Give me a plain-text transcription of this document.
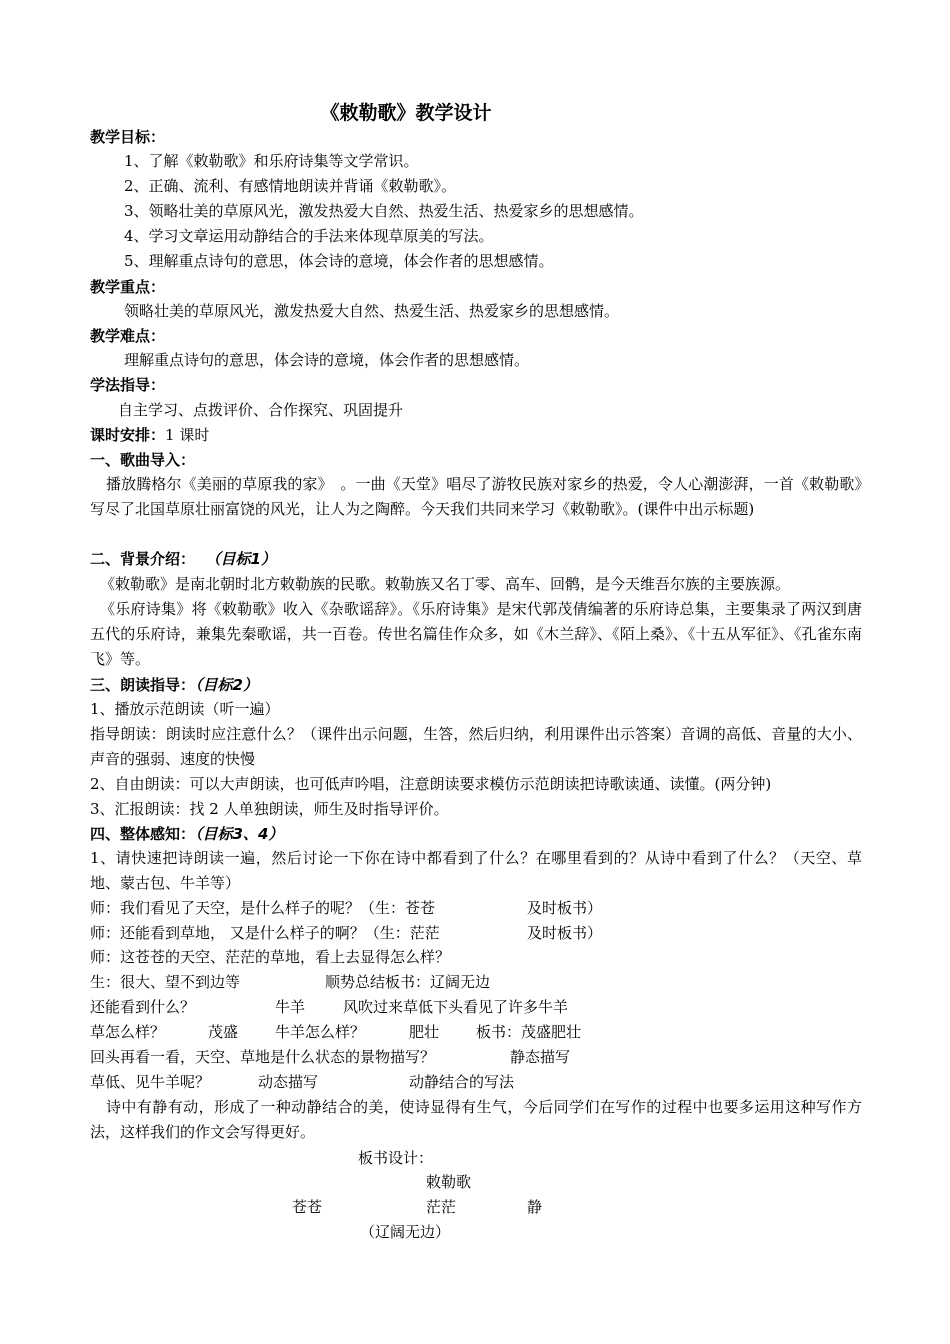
《敕勒歌》教学设计
教学目标：
1、了解《敕勒歌》和乐府诗集等文学常识。
2、正确、流利、有感情地朗读并背诵《敕勒歌》。
3、领略壮美的草原风光，激发热爱大自然、热爱生活、热爱家乡的思想感情。
4、学习文章运用动静结合的手法来体现草原美的写法。
5、理解重点诗句的意思，体会诗的意境，体会作者的思想感情。
教学重点：
领略壮美的草原风光，激发热爱大自然、热爱生活、热爱家乡的思想感情。
教学难点：
理解重点诗句的意思，体会诗的意境，体会作者的思想感情。
学法指导：
自主学习、点拨评价、合作探究、巩固提升
课时安排：1 课时
一、歌曲导入：
播放腾格尔《美丽的草原我的家》　。一曲《天堂》唱尽了游牧民族对家乡的热爱，令人心潮澎湃，一首《敕勒歌》写尽了北国草原壮丽富饶的风光，让人为之陶醉。今天我们共同来学习《敕勒歌》。(课件中出示标题)
二、背景介绍： （目标1）
《敕勒歌》是南北朝时北方敕勒族的民歌。敕勒族又名丁零、高车、回鹘，是今天维吾尔族的主要族源。
《乐府诗集》将《敕勒歌》收入《杂歌谣辞》。《乐府诗集》是宋代郭茂倩编著的乐府诗总集，主要集录了两汉到唐五代的乐府诗，兼集先秦歌谣，共一百卷。传世名篇佳作众多，如《木兰辞》、《陌上桑》、《十五从军征》、《孔雀东南飞》等。
三、朗读指导：（目标2）
1、播放示范朗读（听一遍）
指导朗读：朗读时应注意什么？（课件出示问题，生答，然后归纳，利用课件出示答案）音调的高低、音量的大小、声音的强弱、速度的快慢
2、自由朗读：可以大声朗读，也可低声吟唱，注意朗读要求模仿示范朗读把诗歌读通、读懂。(两分钟)
3、汇报朗读：找 2 人单独朗读，师生及时指导评价。
四、整体感知：（目标3、4）
1、请快速把诗朗读一遍，然后讨论一下你在诗中都看到了什么？在哪里看到的？从诗中看到了什么？（天空、草地、蒙古包、牛羊等）
师：我们看见了天空，是什么样子的呢？（生：苍苍	及时板书）
师：还能看到草地， 又是什么样子的啊？（生：茫茫	及时板书）
师：这苍苍的天空、茫茫的草地，看上去显得怎么样？
生：很大、望不到边等	顺势总结板书：辽阔无边
还能看到什么？	牛羊	风吹过来草低下头看见了许多牛羊
草怎么样？	茂盛 牛羊怎么样？	肥壮 板书：茂盛肥壮
回头再看一看，天空、草地是什么状态的景物描写？	静态描写
草低、见牛羊呢？	动态描写	动静结合的写法
诗中有静有动，形成了一种动静结合的美，使诗显得有生气，今后同学们在写作的过程中也要多运用这种写作方法，这样我们的作文会写得更好。
板书设计：
敕勒歌
苍苍	茫茫	静
（辽阔无边）
